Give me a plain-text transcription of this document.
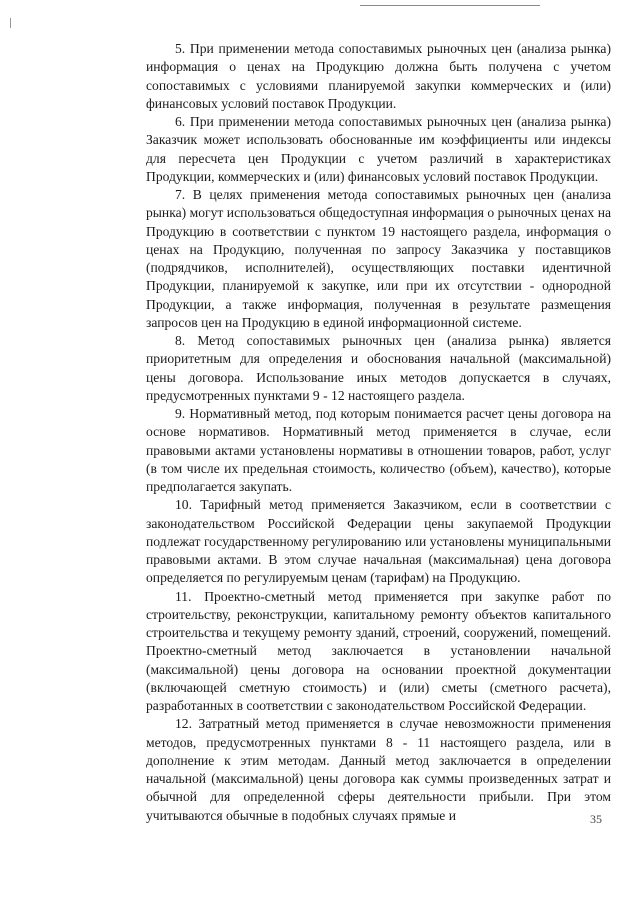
5. При применении метода сопоставимых рыночных цен (анализа рынка) информация о ценах на Продукцию должна быть получена с учетом сопоставимых с условиями планируемой закупки коммерческих и (или) финансовых условий поставок Продукции.

6. При применении метода сопоставимых рыночных цен (анализа рынка) Заказчик может использовать обоснованные им коэффициенты или индексы для пересчета цен Продукции с учетом различий в характеристиках Продукции, коммерческих и (или) финансовых условий поставок Продукции.

7. В целях применения метода сопоставимых рыночных цен (анализа рынка) могут использоваться общедоступная информация о рыночных ценах на Продукцию в соответствии с пунктом 19 настоящего раздела, информация о ценах на Продукцию, полученная по запросу Заказчика у поставщиков (подрядчиков, исполнителей), осуществляющих поставки идентичной Продукции, планируемой к закупке, или при их отсутствии - однородной Продукции, а также информация, полученная в результате размещения запросов цен на Продукцию в единой информационной системе.

8. Метод сопоставимых рыночных цен (анализа рынка) является приоритетным для определения и обоснования начальной (максимальной) цены договора. Использование иных методов допускается в случаях, предусмотренных пунктами 9 - 12 настоящего раздела.

9. Нормативный метод, под которым понимается расчет цены договора на основе нормативов. Нормативный метод применяется в случае, если правовыми актами установлены нормативы в отношении товаров, работ, услуг (в том числе их предельная стоимость, количество (объем), качество), которые предполагается закупать.

10. Тарифный метод применяется Заказчиком, если в соответствии с законодательством Российской Федерации цены закупаемой Продукции подлежат государственному регулированию или установлены муниципальными правовыми актами. В этом случае начальная (максимальная) цена договора определяется по регулируемым ценам (тарифам) на Продукцию.

11. Проектно-сметный метод применяется при закупке работ по строительству, реконструкции, капитальному ремонту объектов капитального строительства и текущему ремонту зданий, строений, сооружений, помещений. Проектно-сметный метод заключается в установлении начальной (максимальной) цены договора на основании проектной документации (включающей сметную стоимость) и (или) сметы (сметного расчета), разработанных в соответствии с законодательством Российской Федерации.

12. Затратный метод применяется в случае невозможности применения методов, предусмотренных пунктами 8 - 11 настоящего раздела, или в дополнение к этим методам. Данный метод заключается в определении начальной (максимальной) цены договора как суммы произведенных затрат и обычной для определенной сферы деятельности прибыли. При этом учитываются обычные в подобных случаях прямые и	35
